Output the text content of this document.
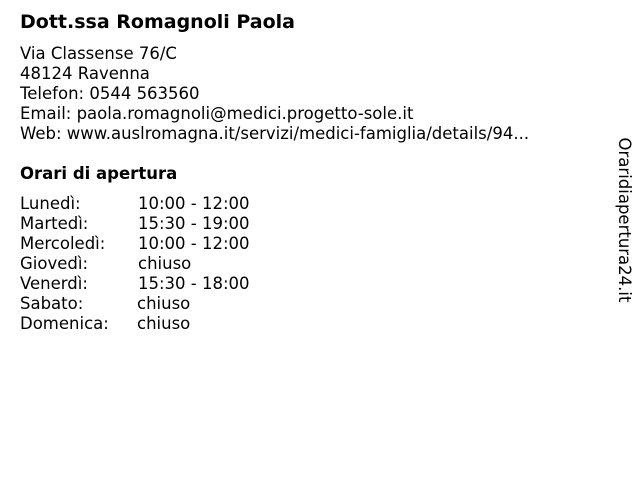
Dott.ssa Romagnoli Paola
Via Classense 76/C
48124 Ravenna
Telefon: 0544 563560
Email: paola.romagnoli@medici.progetto-sole.it
Web: www.auslromagna.it/servizi/medici-famiglia/details/94...
Orari di apertura
Lunedì:	10:00 - 12:00
Martedì:	15:30 - 19:00
Mercoledì: 10:00 - 12:00
Giovedì:	chiuso
Venerdì:	15:30 - 18:00
Sabato:	chiuso
Domenica: chiuso
Oraridiapertura24.it
